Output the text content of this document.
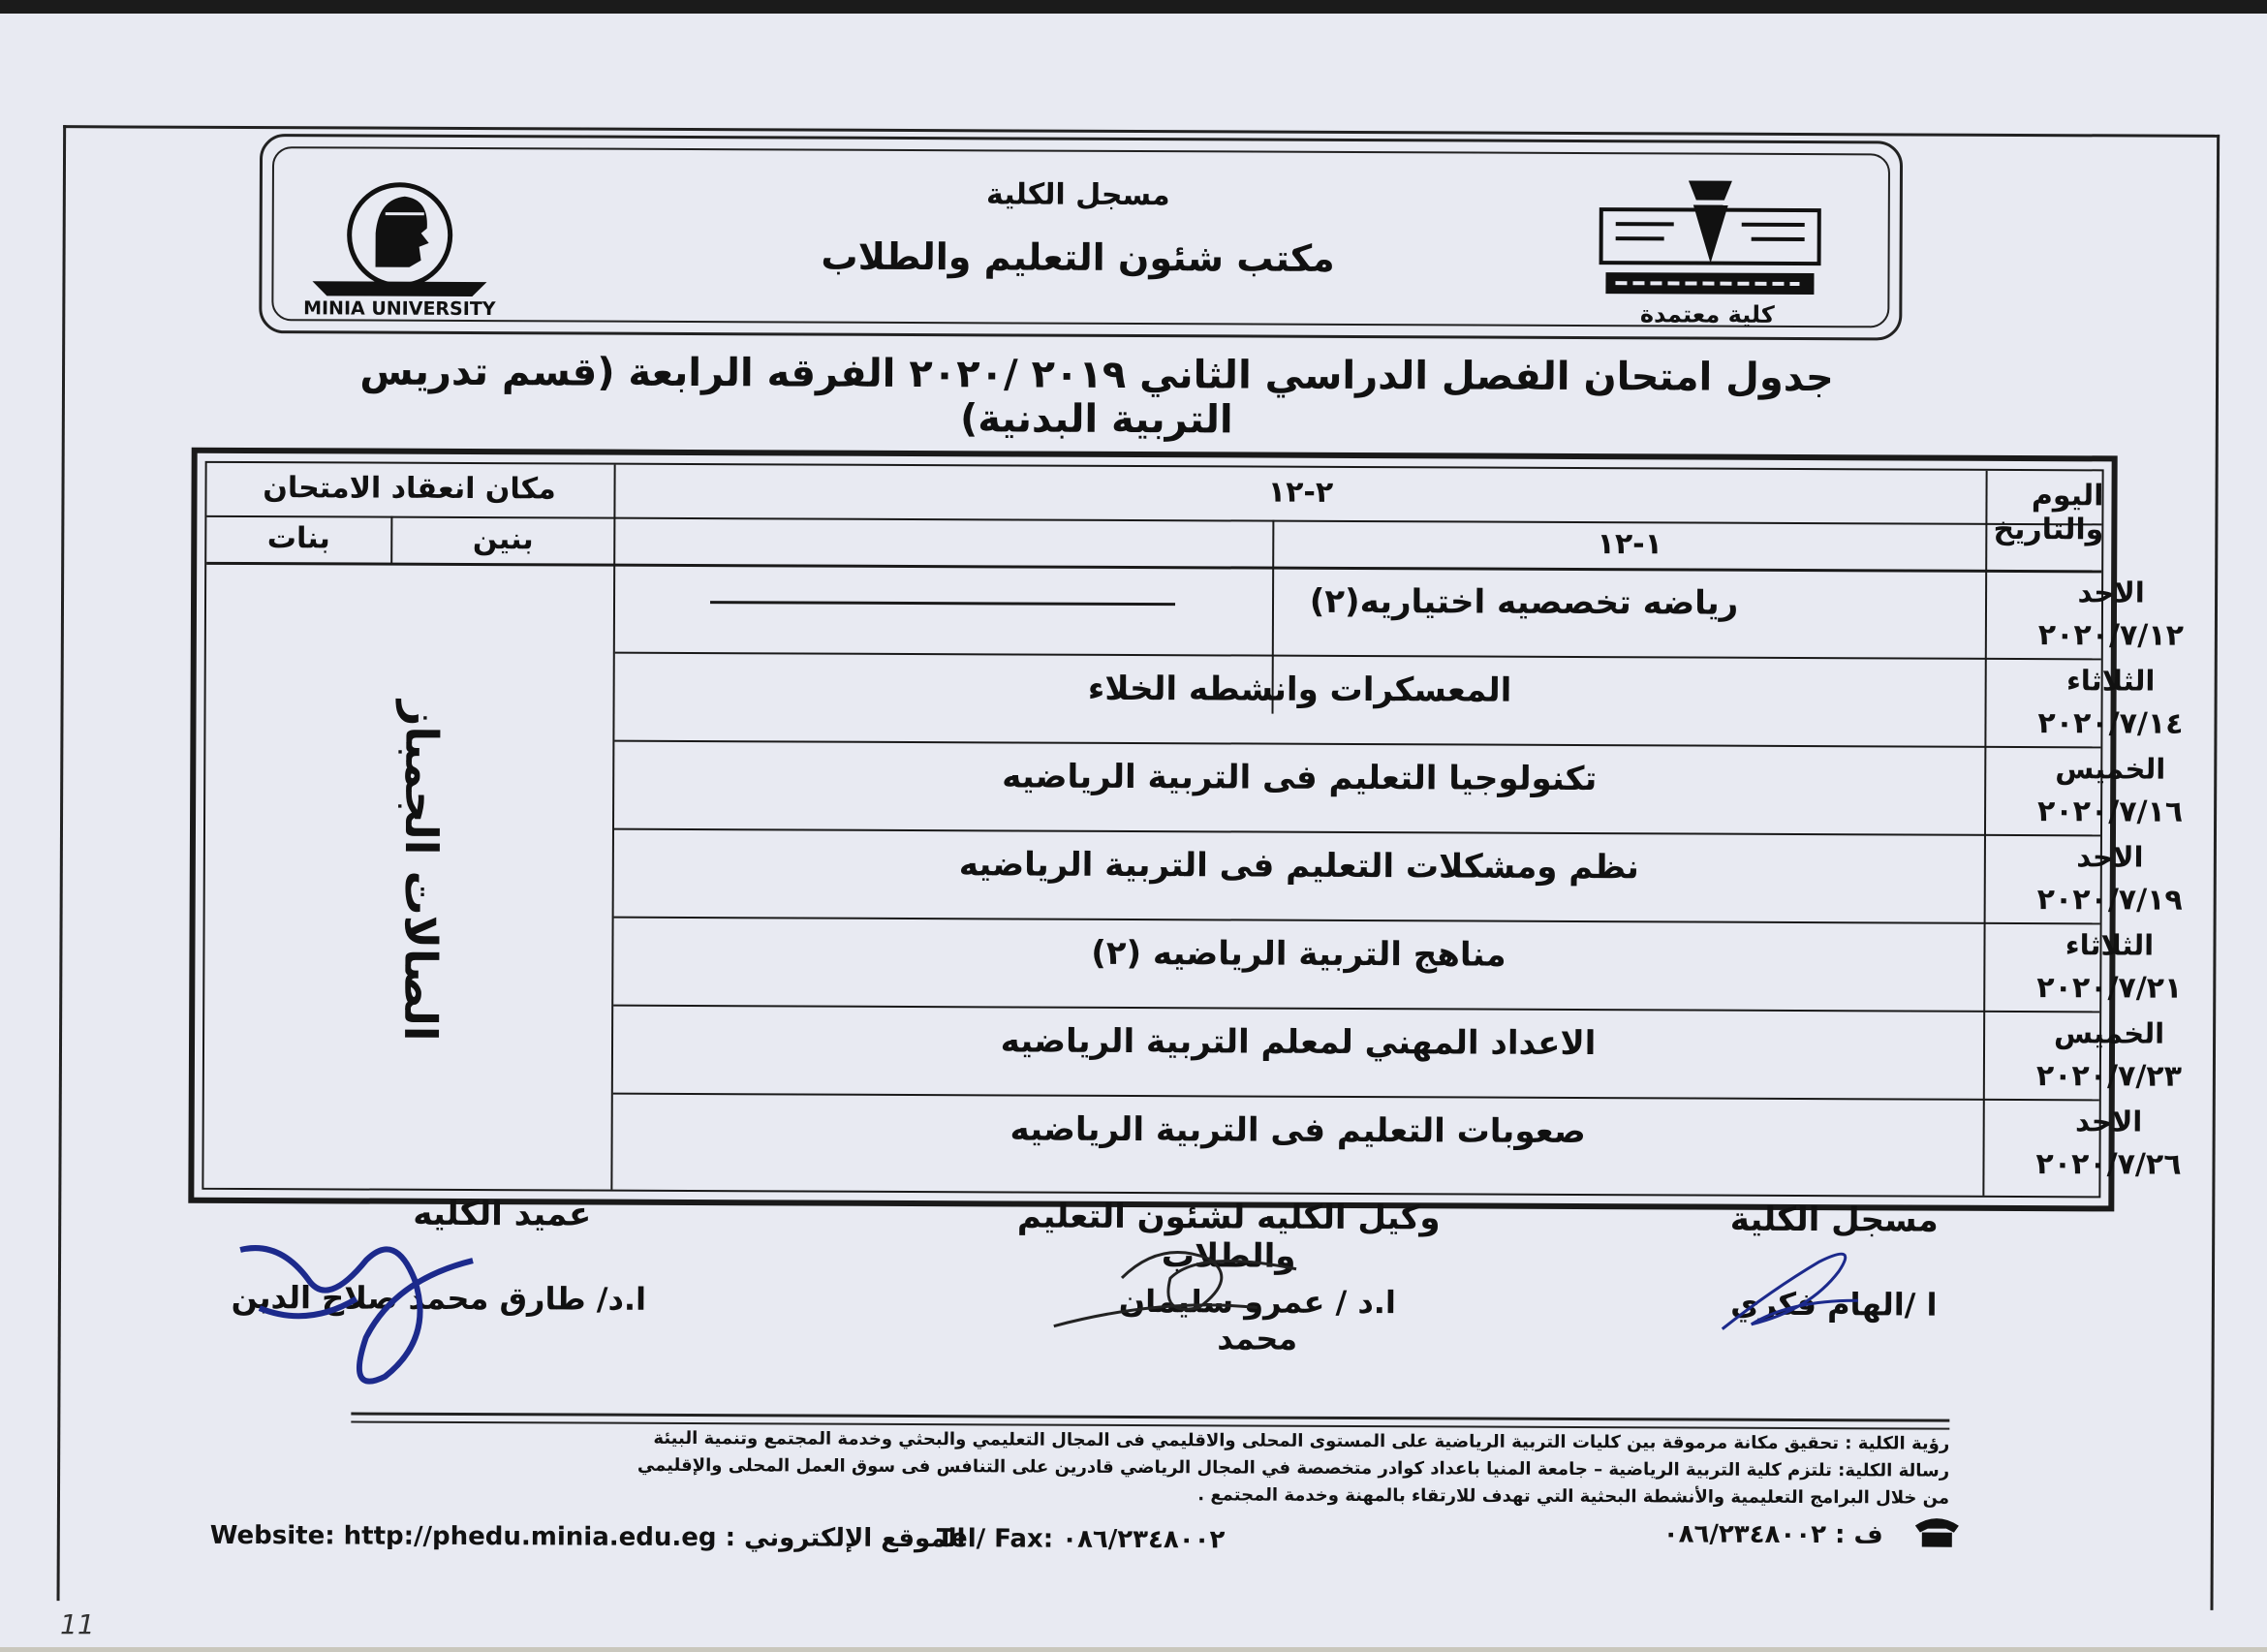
MINIA UNIVERSITY
مسجل الكلية
مكتب شئون التعليم والطلاب
كلية معتمدة
جدول امتحان الفصل الدراسي الثاني ٢٠١٩ /٢٠٢٠ الفرقه الرابعة (قسم تدريس التربية البدنية)
اليوم والتاريخ
٢-١٢
١-١٢
مكان انعقاد الامتحان
بنين
بنات
الاحد
٢٠٢٠/٧/١٢
الثلاثاء
٢٠٢٠/٧/١٤
الخميس
٢٠٢٠/٧/١٦
الاحد
٢٠٢٠/٧/١٩
الثلاثاء
٢٠٢٠/٧/٢١
الخميس
٢٠٢٠/٧/٢٣
الاحد
٢٠٢٠/٧/٢٦
رياضه تخصصيه اختياريه(٢)
المعسكرات وانشطه الخلاء
تكنولوجيا التعليم فى التربية الرياضيه
نظم ومشكلات التعليم فى التربية الرياضيه
مناهج التربية الرياضيه (٢)
الاعداد المهني لمعلم التربية الرياضيه
صعوبات التعليم فى التربية الرياضيه
الصالات الجمباز
مسجل الكلية
ا /الهام فكري
وكيل الكليه لشئون التعليم والطلاب
ا.د / عمرو سليمان محمد
عميد الكليه
ا.د/ طارق محمد صلاح الدين
رؤية الكلية : تحقيق مكانة مرموقة بين كليات التربية الرياضية على المستوى المحلى والاقليمي فى المجال التعليمي والبحثي وخدمة المجتمع وتنمية البيئة
رسالة الكلية: تلتزم كلية التربية الرياضية – جامعة المنيا باعداد كوادر متخصصة في المجال الرياضي قادرين على التنافس فى سوق العمل المحلى والإقليمي
من خلال البرامج التعليمية والأنشطة البحثية التي تهدف للارتقاء بالمهنة وخدمة المجتمع .
Website: http://phedu.minia.edu.eg : الموقع الإلكتروني
Tel/ Fax: ٠٨٦/٢٣٤٨٠٠٢	ف : ٠٨٦/٢٣٤٨٠٠٢
11
